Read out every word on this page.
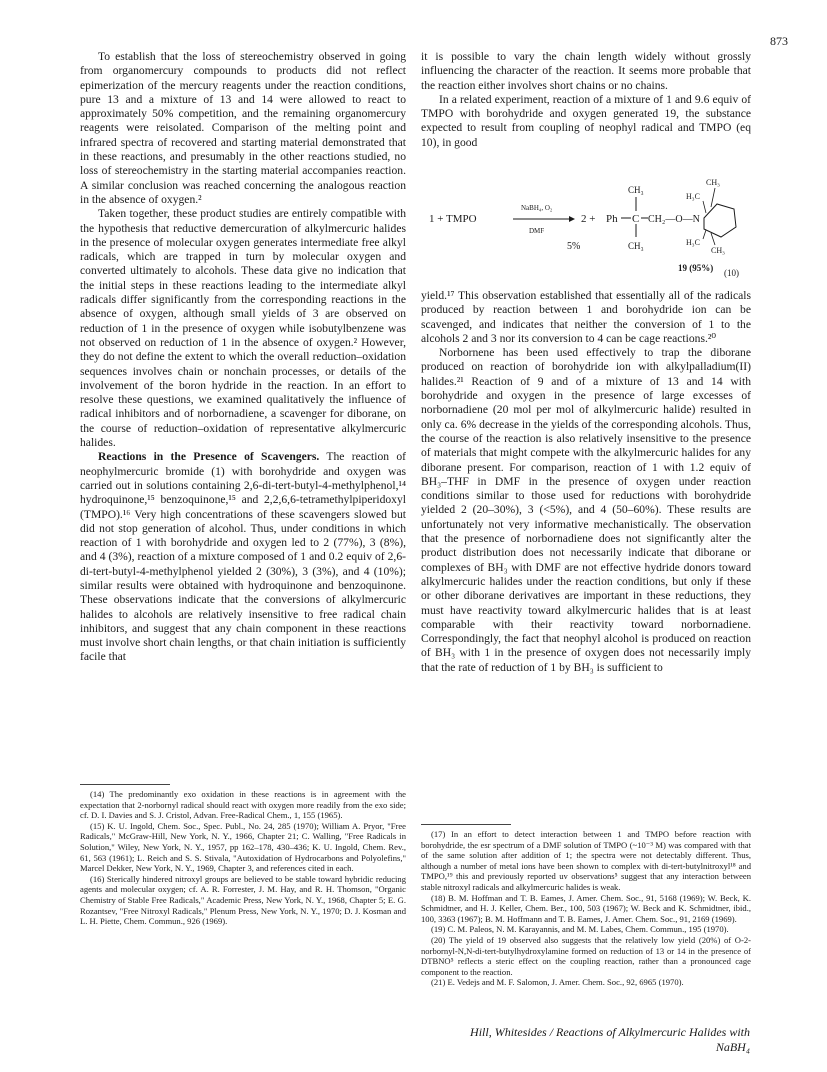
873

To establish that the loss of stereochemistry observed in going from organomercury compounds to products did not reflect epimerization of the mercury reagents under the reaction conditions, pure 13 and a mixture of 13 and 14 were allowed to react to approximately 50% competition, and the remaining organomercury reagents were reisolated. Comparison of the melting point and infrared spectra of recovered and starting material demonstrated that in these reactions, and presumably in the other reactions studied, no loss of stereochemistry in the starting material accompanies reaction. A similar conclusion was reached concerning the analogous reaction in the absence of oxygen.²

Taken together, these product studies are entirely compatible with the hypothesis that reductive demercuration of alkylmercuric halides in the presence of molecular oxygen generates intermediate free alkyl radicals, which are trapped in turn by molecular oxygen and converted ultimately to alcohols. These data give no indication that the initial steps in these reactions leading to the intermediate alkyl radicals differ significantly from the corresponding reactions in the absence of oxygen, although small yields of 3 are observed on reduction of 1 in the presence of oxygen while isobutylbenzene was not observed on reduction of 1 in the absence of oxygen.² However, they do not define the extent to which the overall reduction–oxidation sequences involves chain or nonchain processes, or details of the involvement of the boron hydride in the reaction. In an effort to resolve these questions, we examined qualitatively the influence of radical inhibitors and of norbornadiene, a scavenger for diborane, on the course of reduction–oxidation of representative alkylmercuric halides.

Reactions in the Presence of Scavengers. The reaction of neophylmercuric bromide (1) with borohydride and oxygen was carried out in solutions containing 2,6-di-tert-butyl-4-methylphenol,¹⁴ hydroquinone,¹⁵ benzoquinone,¹⁵ and 2,2,6,6-tetramethylpiperidoxyl (TMPO).¹⁶ Very high concentrations of these scavengers slowed but did not stop generation of alcohol. Thus, under conditions in which reaction of 1 with borohydride and oxygen led to 2 (77%), 3 (8%), and 4 (3%), reaction of a mixture composed of 1 and 0.2 equiv of 2,6-di-tert-butyl-4-methylphenol yielded 2 (30%), 3 (3%), and 4 (10%); similar results were obtained with hydroquinone and benzoquinone. These observations indicate that the conversions of alkylmercuric halides to alcohols are relatively insensitive to free radical chain inhibitors, and suggest that any chain component in these reactions must involve short chain lengths, or that chain initiation is sufficiently facile that

it is possible to vary the chain length widely without grossly influencing the character of the reaction. It seems more probable that the reaction either involves short chains or no chains.

In a related experiment, reaction of a mixture of 1 and 9.6 equiv of TMPO with borohydride and oxygen generated 19, the substance expected to result from coupling of neophyl radical and TMPO (eq 10), in good

1 + TMPO
NaBH₄, O₂
DMF
2 +
5%
Ph C
CH₃
CH₃
CH₂—O—N
H₃C
CH₃
H₃C
CH₃
19 (95%) (10)

yield.¹⁷ This observation established that essentially all of the radicals produced by reaction between 1 and borohydride ion can be scavenged, and indicates that neither the conversion of 1 to the alcohols 2 and 3 nor its conversion to 4 can be cage reactions.²⁰

Norbornene has been used effectively to trap the diborane produced on reaction of borohydride ion with alkylpalladium(II) halides.²¹ Reaction of 9 and of a mixture of 13 and 14 with borohydride and oxygen in the presence of large excesses of norbornadiene (20 mol per mol of alkylmercuric halide) resulted in only ca. 6% decrease in the yields of the corresponding alcohols. Thus, the course of the reaction is also relatively insensitive to the presence of materials that might compete with the alkylmercuric halides for any diborane present. For comparison, reaction of 1 with 1.2 equiv of BH₃–THF in DMF in the presence of oxygen under reaction conditions similar to those used for reductions with borohydride yielded 2 (20–30%), 3 (<5%), and 4 (50–60%). These results are unfortunately not very informative mechanistically. The observation that the presence of norbornadiene does not significantly alter the product distribution does not necessarily indicate that diborane or complexes of BH₃ with DMF are not effective hydride donors toward alkylmercuric halides under the reaction conditions, but only if these or other diborane derivatives are important in these reductions, they must have reactivity toward alkylmercuric halides that is at least comparable with their reactivity toward norbornadiene. Correspondingly, the fact that neophyl alcohol is produced on reaction of BH₃ with 1 in the presence of oxygen does not necessarily imply that the rate of reduction of 1 by BH₃ is sufficient to

(14) The predominantly exo oxidation in these reactions is in agreement with the expectation that 2-norbornyl radical should react with oxygen more readily from the exo side; cf. D. I. Davies and S. J. Cristol, Advan. Free-Radical Chem., 1, 155 (1965).

(15) K. U. Ingold, Chem. Soc., Spec. Publ., No. 24, 285 (1970); William A. Pryor, "Free Radicals," McGraw-Hill, New York, N. Y., 1966, Chapter 21; C. Walling, "Free Radicals in Solution," Wiley, New York, N. Y., 1957, pp 162–178, 430–436; K. U. Ingold, Chem. Rev., 61, 563 (1961); L. Reich and S. S. Stivala, "Autoxidation of Hydrocarbons and Polyolefins," Marcel Dekker, New York, N. Y., 1969, Chapter 3, and references cited in each.

(16) Sterically hindered nitroxyl groups are believed to be stable toward hybridic reducing agents and molecular oxygen; cf. A. R. Forrester, J. M. Hay, and R. H. Thomson, "Organic Chemistry of Stable Free Radicals," Academic Press, New York, N. Y., 1968, Chapter 5; E. G. Rozantsev, "Free Nitroxyl Radicals," Plenum Press, New York, N. Y., 1970; D. J. Kosman and L. H. Piette, Chem. Commun., 926 (1969).

(17) In an effort to detect interaction between 1 and TMPO before reaction with borohydride, the esr spectrum of a DMF solution of TMPO (~10⁻³ M) was compared with that of the same solution after addition of 1; the spectra were not detectably different. Thus, although a number of metal ions have been shown to complex with di-tert-butylnitroxyl¹⁸ and TMPO,¹⁹ this and previously reported uv observations⁵ suggest that any interaction between stable nitroxyl radicals and alkylmercuric halides is weak.

(18) B. M. Hoffman and T. B. Eames, J. Amer. Chem. Soc., 91, 5168 (1969); W. Beck, K. Schmidtner, and H. J. Keller, Chem. Ber., 100, 503 (1967); W. Beck and K. Schmidtner, ibid., 100, 3363 (1967); B. M. Hoffmann and T. B. Eames, J. Amer. Chem. Soc., 91, 2169 (1969).

(19) C. M. Paleos, N. M. Karayannis, and M. M. Labes, Chem. Commun., 195 (1970).

(20) The yield of 19 observed also suggests that the relatively low yield (20%) of O-2-norbornyl-N,N-di-tert-butylhydroxylamine formed on reduction of 13 or 14 in the presence of DTBNO⁵ reflects a steric effect on the coupling reaction, rather than a pronounced cage component to the reaction.

(21) E. Vedejs and M. F. Salomon, J. Amer. Chem. Soc., 92, 6965 (1970).

Hill, Whitesides / Reactions of Alkylmercuric Halides with NaBH₄
